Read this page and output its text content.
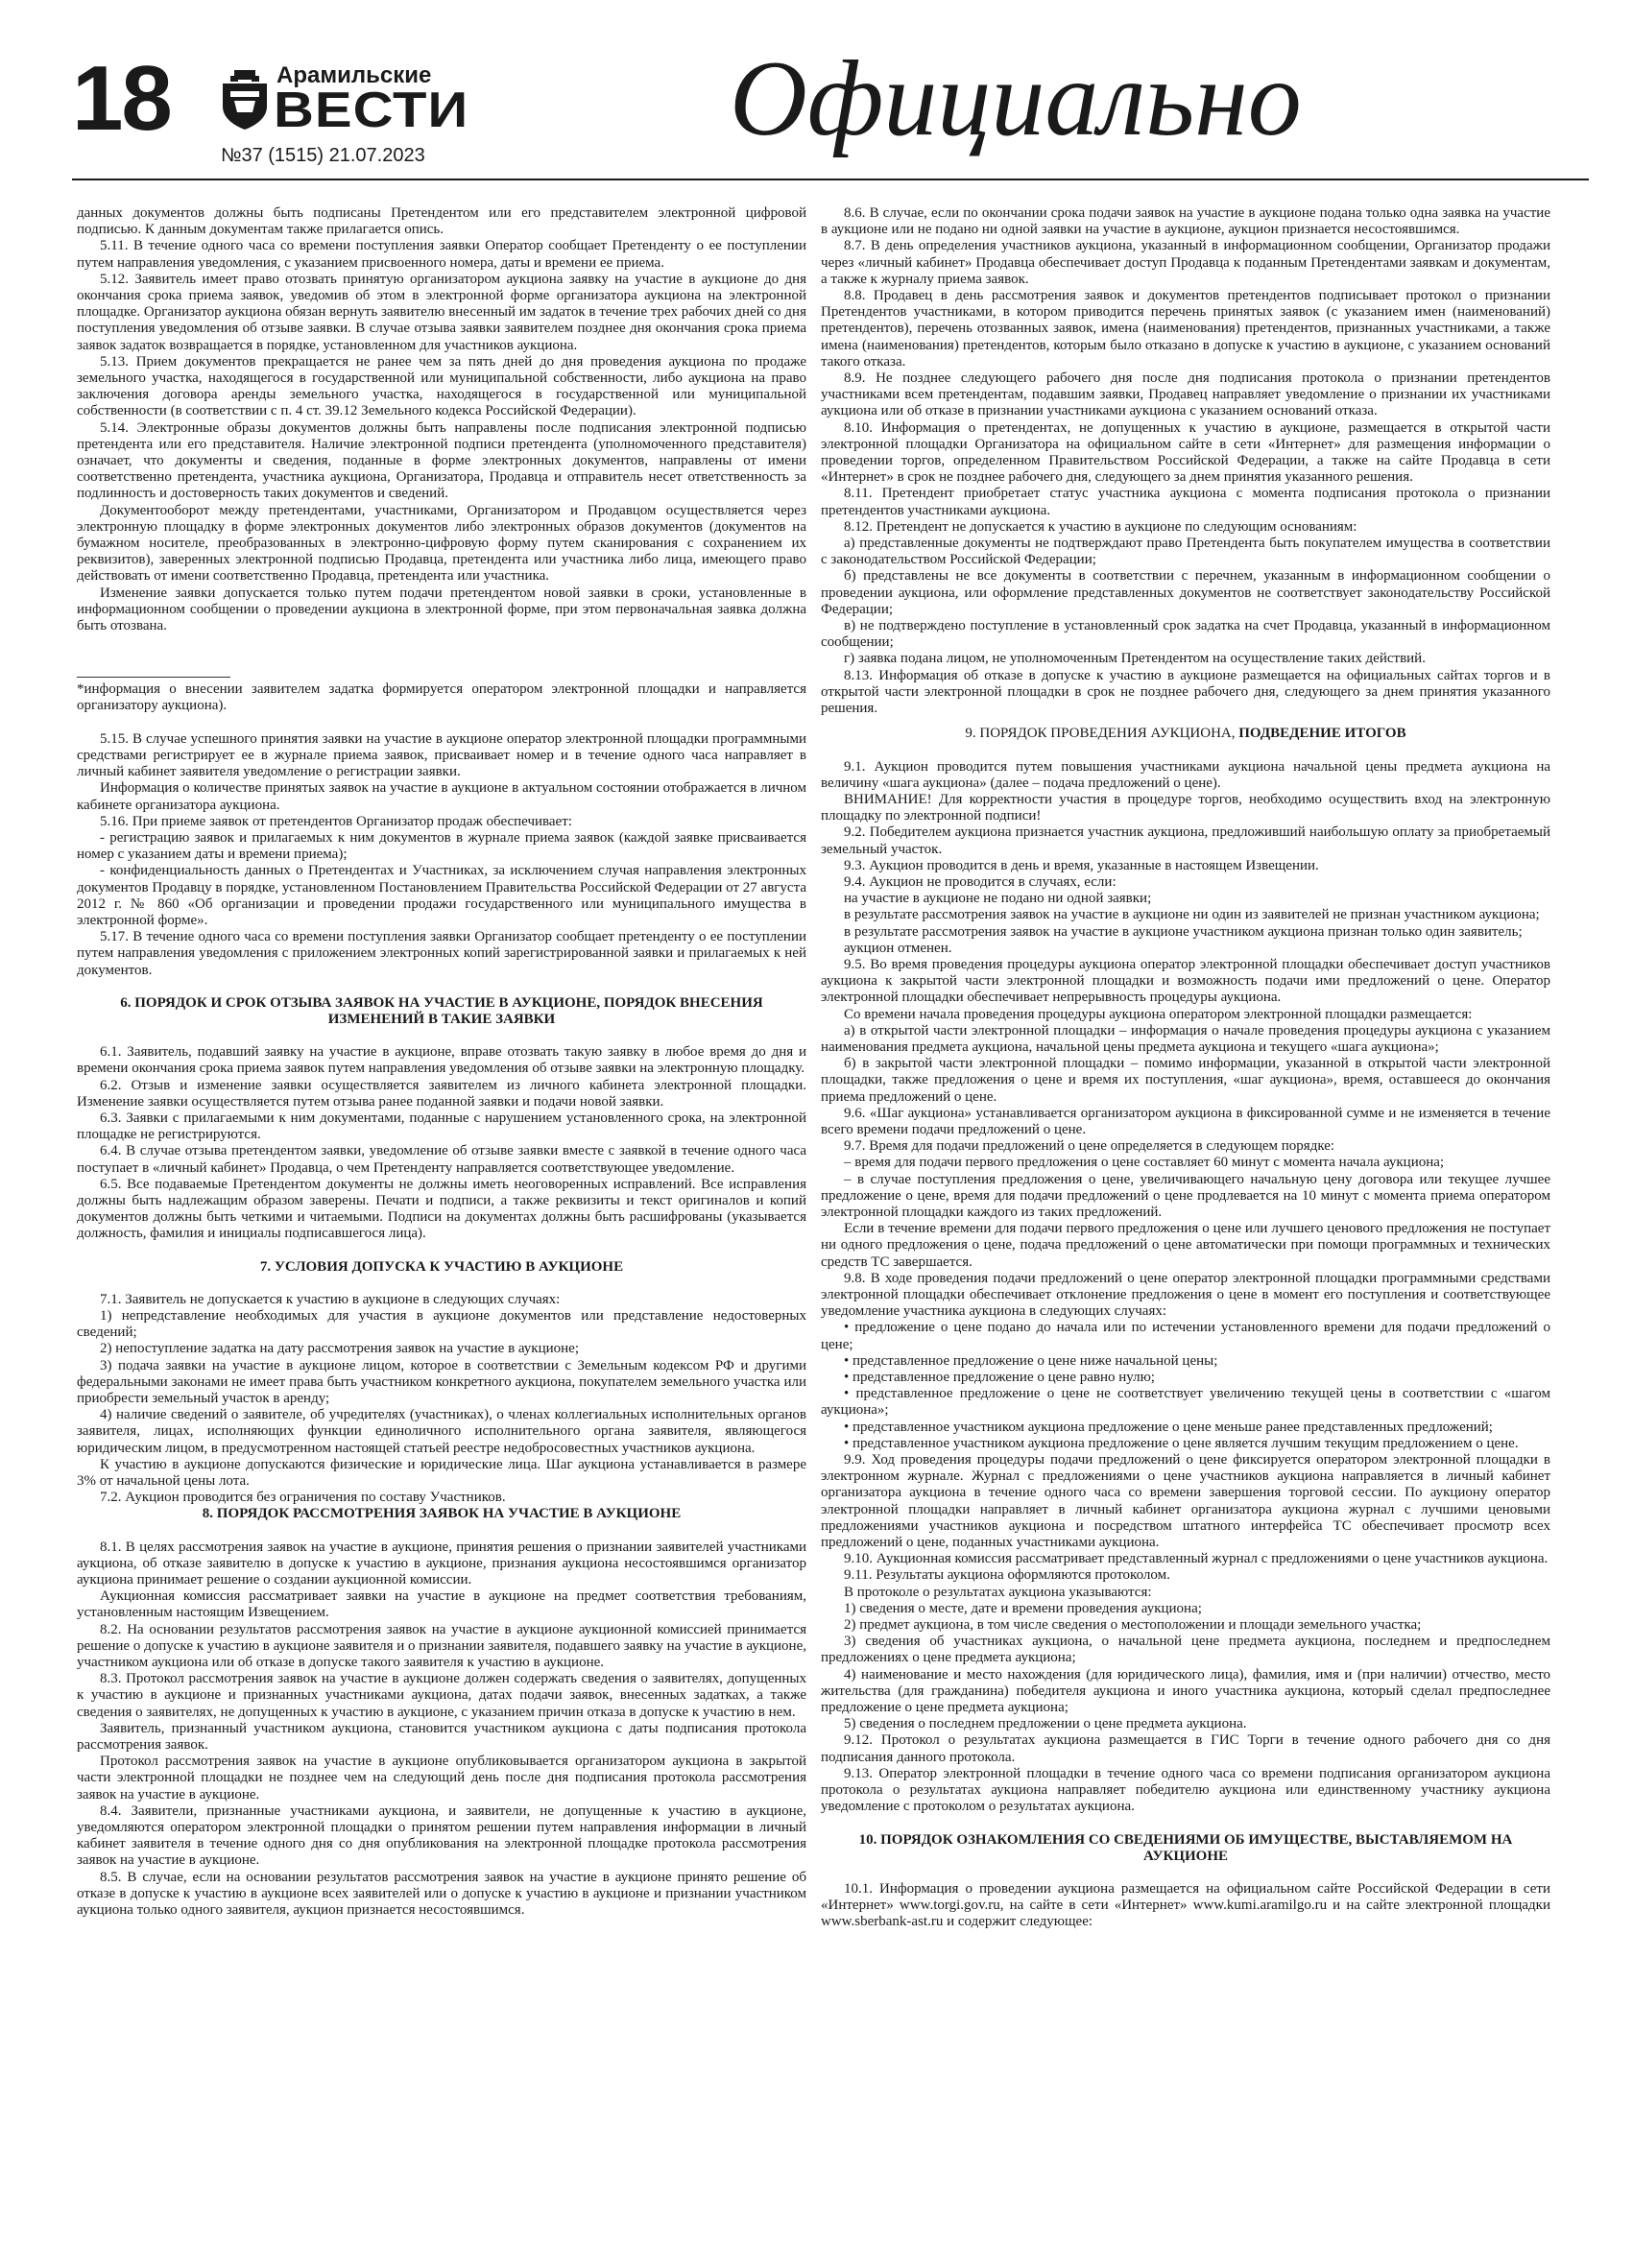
18	Арамильские
ВЕСТИ
№37 (1515) 21.07.2023	Официально

данных документов должны быть подписаны Претендентом или его представителем электронной цифровой подписью. К данным документам также прилагается опись.

5.11. В течение одного часа со времени поступления заявки Оператор сообщает Претенденту о ее поступлении путем направления уведомления, с указанием присвоенного номера, даты и времени ее приема.

5.12. Заявитель имеет право отозвать принятую организатором аукциона заявку на участие в аукционе до дня окончания срока приема заявок, уведомив об этом в электронной форме организатора аукциона на электронной площадке. Организатор аукциона обязан вернуть заявителю внесенный им задаток в течение трех рабочих дней со дня поступления уведомления об отзыве заявки. В случае отзыва заявки заявителем позднее дня окончания срока приема заявок задаток возвращается в порядке, установленном для участников аукциона.

5.13. Прием документов прекращается не ранее чем за пять дней до дня проведения аукциона по продаже земельного участка, находящегося в государственной или муниципальной собственности, либо аукциона на право заключения договора аренды земельного участка, находящегося в государственной или муниципальной собственности (в соответствии с п. 4 ст. 39.12 Земельного кодекса Российской Федерации).

5.14. Электронные образы документов должны быть направлены после подписания электронной подписью претендента или его представителя. Наличие электронной подписи претендента (уполномоченного представителя) означает, что документы и сведения, поданные в форме электронных документов, направлены от имени соответственно претендента, участника аукциона, Организатора, Продавца и отправитель несет ответственность за подлинность и достоверность таких документов и сведений.

Документооборот между претендентами, участниками, Организатором и Продавцом осуществляется через электронную площадку в форме электронных документов либо электронных образов документов (документов на бумажном носителе, преобразованных в электронно-цифровую форму путем сканирования с сохранением их реквизитов), заверенных электронной подписью Продавца, претендента или участника либо лица, имеющего право действовать от имени соответственно Продавца, претендента или участника.

Изменение заявки допускается только путем подачи претендентом новой заявки в сроки, установленные в информационном сообщении о проведении аукциона в электронной форме, при этом первоначальная заявка должна быть отозвана.

*информация о внесении заявителем задатка формируется оператором электронной площадки и направляется организатору аукциона).

5.15. В случае успешного принятия заявки на участие в аукционе оператор электронной площадки программными средствами регистрирует ее в журнале приема заявок, присваивает номер и в течение одного часа направляет в личный кабинет заявителя уведомление о регистрации заявки.

Информация о количестве принятых заявок на участие в аукционе в актуальном состоянии отображается в личном кабинете организатора аукциона.

5.16. При приеме заявок от претендентов Организатор продаж обеспечивает:

- регистрацию заявок и прилагаемых к ним документов в журнале приема заявок (каждой заявке присваивается номер с указанием даты и времени приема);

- конфиденциальность данных о Претендентах и Участниках, за исключением случая направления электронных документов Продавцу в порядке, установленном Постановлением Правительства Российской Федерации от 27 августа 2012 г. № 860 «Об организации и проведении продажи государственного или муниципального имущества в электронной форме».

5.17. В течение одного часа со времени поступления заявки Организатор сообщает претенденту о ее поступлении путем направления уведомления с приложением электронных копий зарегистрированной заявки и прилагаемых к ней документов.

6. ПОРЯДОК И СРОК ОТЗЫВА ЗАЯВОК НА УЧАСТИЕ В АУКЦИОНЕ, ПОРЯДОК ВНЕСЕНИЯ ИЗМЕНЕНИЙ В ТАКИЕ ЗАЯВКИ

6.1. Заявитель, подавший заявку на участие в аукционе, вправе отозвать такую заявку в любое время до дня и времени окончания срока приема заявок путем направления уведомления об отзыве заявки на электронную площадку.

6.2. Отзыв и изменение заявки осуществляется заявителем из личного кабинета электронной площадки. Изменение заявки осуществляется путем отзыва ранее поданной заявки и подачи новой заявки.

6.3. Заявки с прилагаемыми к ним документами, поданные с нарушением установленного срока, на электронной площадке не регистрируются.

6.4. В случае отзыва претендентом заявки, уведомление об отзыве заявки вместе с заявкой в течение одного часа поступает в «личный кабинет» Продавца, о чем Претенденту направляется соответствующее уведомление.

6.5. Все подаваемые Претендентом документы не должны иметь неоговоренных исправлений. Все исправления должны быть надлежащим образом заверены. Печати и подписи, а также реквизиты и текст оригиналов и копий документов должны быть четкими и читаемыми. Подписи на документах должны быть расшифрованы (указывается должность, фамилия и инициалы подписавшегося лица).

7. УСЛОВИЯ ДОПУСКА К УЧАСТИЮ В АУКЦИОНЕ

7.1. Заявитель не допускается к участию в аукционе в следующих случаях:

1) непредставление необходимых для участия в аукционе документов или представление недостоверных сведений;

2) непоступление задатка на дату рассмотрения заявок на участие в аукционе;

3) подача заявки на участие в аукционе лицом, которое в соответствии с Земельным кодексом РФ и другими федеральными законами не имеет права быть участником конкретного аукциона, покупателем земельного участка или приобрести земельный участок в аренду;

4) наличие сведений о заявителе, об учредителях (участниках), о членах коллегиальных исполнительных органов заявителя, лицах, исполняющих функции единоличного исполнительного органа заявителя, являющегося юридическим лицом, в предусмотренном настоящей статьей реестре недобросовестных участников аукциона.

К участию в аукционе допускаются физические и юридические лица. Шаг аукциона устанавливается в размере 3% от начальной цены лота.

7.2. Аукцион проводится без ограничения по составу Участников.

8. ПОРЯДОК РАССМОТРЕНИЯ ЗАЯВОК НА УЧАСТИЕ В АУКЦИОНЕ

8.1. В целях рассмотрения заявок на участие в аукционе, принятия решения о признании заявителей участниками аукциона, об отказе заявителю в допуске к участию в аукционе, признания аукциона несостоявшимся организатор аукциона принимает решение о создании аукционной комиссии.

Аукционная комиссия рассматривает заявки на участие в аукционе на предмет соответствия требованиям, установленным настоящим Извещением.

8.2. На основании результатов рассмотрения заявок на участие в аукционе аукционной комиссией принимается решение о допуске к участию в аукционе заявителя и о признании заявителя, подавшего заявку на участие в аукционе, участником аукциона или об отказе в допуске такого заявителя к участию в аукционе.

8.3. Протокол рассмотрения заявок на участие в аукционе должен содержать сведения о заявителях, допущенных к участию в аукционе и признанных участниками аукциона, датах подачи заявок, внесенных задатках, а также сведения о заявителях, не допущенных к участию в аукционе, с указанием причин отказа в допуске к участию в нем.

Заявитель, признанный участником аукциона, становится участником аукциона с даты подписания протокола рассмотрения заявок.

Протокол рассмотрения заявок на участие в аукционе опубликовывается организатором аукциона в закрытой части электронной площадки не позднее чем на следующий день после дня подписания протокола рассмотрения заявок на участие в аукционе.

8.4. Заявители, признанные участниками аукциона, и заявители, не допущенные к участию в аукционе, уведомляются оператором электронной площадки о принятом решении путем направления информации в личный кабинет заявителя в течение одного дня со дня опубликования на электронной площадке протокола рассмотрения заявок на участие в аукционе.

8.5. В случае, если на основании результатов рассмотрения заявок на участие в аукционе принято решение об отказе в допуске к участию в аукционе всех заявителей или о допуске к участию в аукционе и признании участником аукциона только одного заявителя, аукцион признается несостоявшимся.

8.6. В случае, если по окончании срока подачи заявок на участие в аукционе подана только одна заявка на участие в аукционе или не подано ни одной заявки на участие в аукционе, аукцион признается несостоявшимся.

8.7. В день определения участников аукциона, указанный в информационном сообщении, Организатор продажи через «личный кабинет» Продавца обеспечивает доступ Продавца к поданным Претендентами заявкам и документам, а также к журналу приема заявок.

8.8. Продавец в день рассмотрения заявок и документов претендентов подписывает протокол о признании Претендентов участниками, в котором приводится перечень принятых заявок (с указанием имен (наименований) претендентов), перечень отозванных заявок, имена (наименования) претендентов, признанных участниками, а также имена (наименования) претендентов, которым было отказано в допуске к участию в аукционе, с указанием оснований такого отказа.

8.9. Не позднее следующего рабочего дня после дня подписания протокола о признании претендентов участниками всем претендентам, подавшим заявки, Продавец направляет уведомление о признании их участниками аукциона или об отказе в признании участниками аукциона с указанием оснований отказа.

8.10. Информация о претендентах, не допущенных к участию в аукционе, размещается в открытой части электронной площадки Организатора на официальном сайте в сети «Интернет» для размещения информации о проведении торгов, определенном Правительством Российской Федерации, а также на сайте Продавца в сети «Интернет» в срок не позднее рабочего дня, следующего за днем принятия указанного решения.

8.11. Претендент приобретает статус участника аукциона с момента подписания протокола о признании претендентов участниками аукциона.

8.12. Претендент не допускается к участию в аукционе по следующим основаниям:

а) представленные документы не подтверждают право Претендента быть покупателем имущества в соответствии с законодательством Российской Федерации;

б) представлены не все документы в соответствии с перечнем, указанным в информационном сообщении о проведении аукциона, или оформление представленных документов не соответствует законодательству Российской Федерации;

в) не подтверждено поступление в установленный срок задатка на счет Продавца, указанный в информационном сообщении;

г) заявка подана лицом, не уполномоченным Претендентом на осуществление таких действий.

8.13. Информация об отказе в допуске к участию в аукционе размещается на официальных сайтах торгов и в открытой части электронной площадки в срок не позднее рабочего дня, следующего за днем принятия указанного решения.

9. ПОРЯДОК ПРОВЕДЕНИЯ АУКЦИОНА, ПОДВЕДЕНИЕ ИТОГОВ

9.1. Аукцион проводится путем повышения участниками аукциона начальной цены предмета аукциона на величину «шага аукциона» (далее – подача предложений о цене).

ВНИМАНИЕ! Для корректности участия в процедуре торгов, необходимо осуществить вход на электронную площадку по электронной подписи!

9.2. Победителем аукциона признается участник аукциона, предложивший наибольшую оплату за приобретаемый земельный участок.

9.3. Аукцион проводится в день и время, указанные в настоящем Извещении.

9.4. Аукцион не проводится в случаях, если:

на участие в аукционе не подано ни одной заявки;

в результате рассмотрения заявок на участие в аукционе ни один из заявителей не признан участником аукциона;

в результате рассмотрения заявок на участие в аукционе участником аукциона признан только один заявитель;

аукцион отменен.

9.5. Во время проведения процедуры аукциона оператор электронной площадки обеспечивает доступ участников аукциона к закрытой части электронной площадки и возможность подачи ими предложений о цене. Оператор электронной площадки обеспечивает непрерывность процедуры аукциона.

Со времени начала проведения процедуры аукциона оператором электронной площадки размещается:

а) в открытой части электронной площадки – информация о начале проведения процедуры аукциона с указанием наименования предмета аукциона, начальной цены предмета аукциона и текущего «шага аукциона»;

б) в закрытой части электронной площадки – помимо информации, указанной в открытой части электронной площадки, также предложения о цене и время их поступления, «шаг аукциона», время, оставшееся до окончания приема предложений о цене.

9.6. «Шаг аукциона» устанавливается организатором аукциона в фиксированной сумме и не изменяется в течение всего времени подачи предложений о цене.

9.7. Время для подачи предложений о цене определяется в следующем порядке:

– время для подачи первого предложения о цене составляет 60 минут с момента начала аукциона;

– в случае поступления предложения о цене, увеличивающего начальную цену договора или текущее лучшее предложение о цене, время для подачи предложений о цене продлевается на 10 минут с момента приема оператором электронной площадки каждого из таких предложений.

Если в течение времени для подачи первого предложения о цене или лучшего ценового предложения не поступает ни одного предложения о цене, подача предложений о цене автоматически при помощи программных и технических средств ТС завершается.

9.8. В ходе проведения подачи предложений о цене оператор электронной площадки программными средствами электронной площадки обеспечивает отклонение предложения о цене в момент его поступления и соответствующее уведомление участника аукциона в следующих случаях:

• предложение о цене подано до начала или по истечении установленного времени для подачи предложений о цене;

• представленное предложение о цене ниже начальной цены;

• представленное предложение о цене равно нулю;

• представленное предложение о цене не соответствует увеличению текущей цены в соответствии с «шагом аукциона»;

• представленное участником аукциона предложение о цене меньше ранее представленных предложений;

• представленное участником аукциона предложение о цене является лучшим текущим предложением о цене.

9.9. Ход проведения процедуры подачи предложений о цене фиксируется оператором электронной площадки в электронном журнале. Журнал с предложениями о цене участников аукциона направляется в личный кабинет организатора аукциона в течение одного часа со времени завершения торговой сессии. По аукциону оператор электронной площадки направляет в личный кабинет организатора аукциона журнал с лучшими ценовыми предложениями участников аукциона и посредством штатного интерфейса ТС обеспечивает просмотр всех предложений о цене, поданных участниками аукциона.

9.10. Аукционная комиссия рассматривает представленный журнал с предложениями о цене участников аукциона.

9.11. Результаты аукциона оформляются протоколом.

В протоколе о результатах аукциона указываются:

1) сведения о месте, дате и времени проведения аукциона;

2) предмет аукциона, в том числе сведения о местоположении и площади земельного участка;

3) сведения об участниках аукциона, о начальной цене предмета аукциона, последнем и предпоследнем предложениях о цене предмета аукциона;

4) наименование и место нахождения (для юридического лица), фамилия, имя и (при наличии) отчество, место жительства (для гражданина) победителя аукциона и иного участника аукциона, который сделал предпоследнее предложение о цене предмета аукциона;

5) сведения о последнем предложении о цене предмета аукциона.

9.12. Протокол о результатах аукциона размещается в ГИС Торги в течение одного рабочего дня со дня подписания данного протокола.

9.13. Оператор электронной площадки в течение одного часа со времени подписания организатором аукциона протокола о результатах аукциона направляет победителю аукциона или единственному участнику аукциона уведомление с протоколом о результатах аукциона.

10. ПОРЯДОК ОЗНАКОМЛЕНИЯ СО СВЕДЕНИЯМИ ОБ ИМУЩЕСТВЕ, ВЫСТАВЛЯЕМОМ НА АУКЦИОНЕ

10.1. Информация о проведении аукциона размещается на официальном сайте Российской Федерации в сети «Интернет» www.torgi.gov.ru, на сайте в сети «Интернет» www.kumi.aramilgo.ru и на сайте электронной площадки www.sberbank-ast.ru и содержит следующее:
